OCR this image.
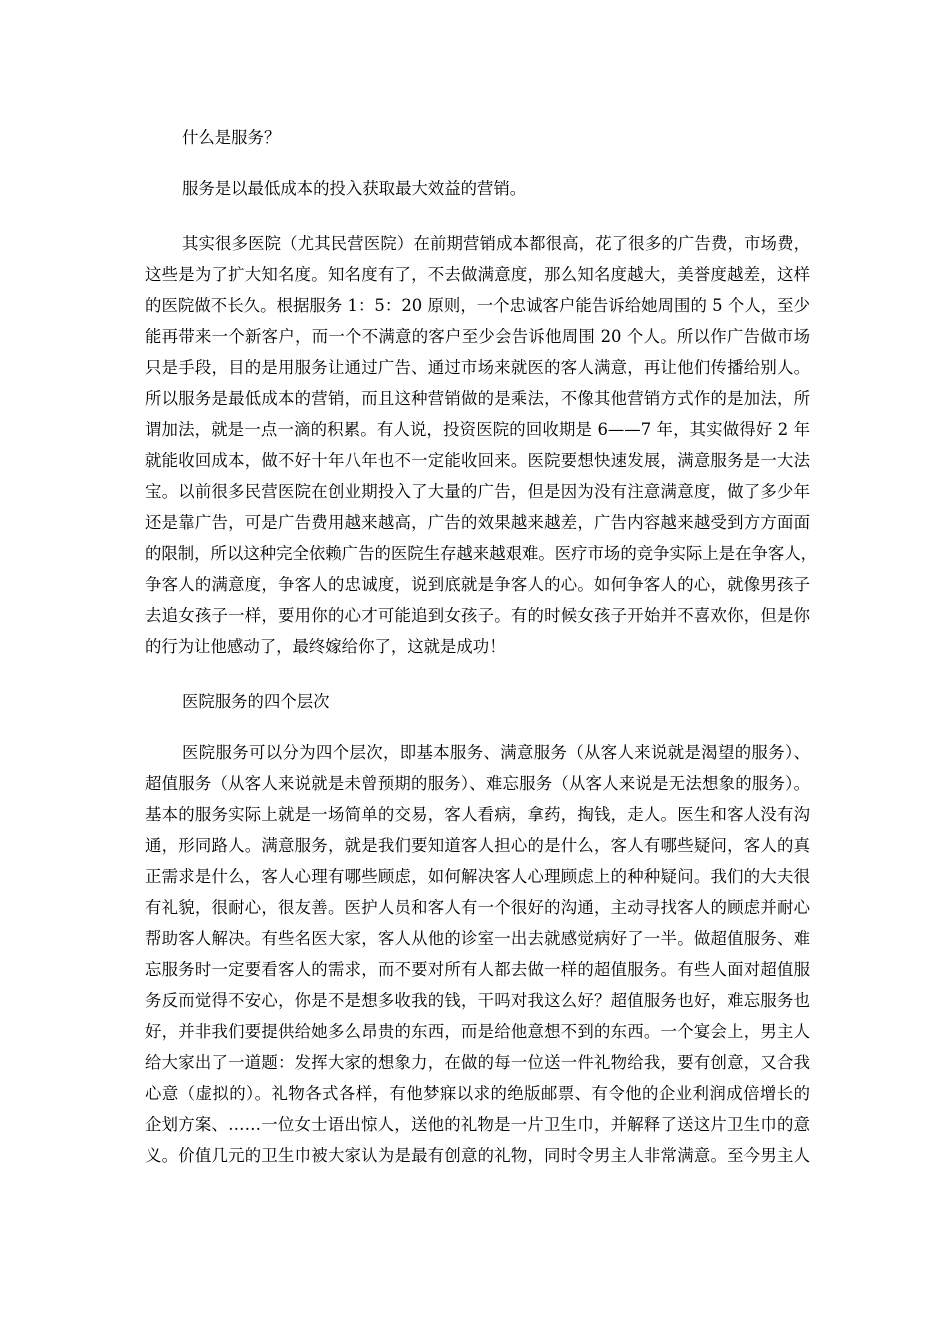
什么是服务？

服务是以最低成本的投入获取最大效益的营销。

其实很多医院（尤其民营医院）在前期营销成本都很高，花了很多的广告费，市场费，

这些是为了扩大知名度。知名度有了，不去做满意度，那么知名度越大，美誉度越差，这样

的医院做不长久。根据服务 1：5：20 原则，一个忠诚客户能告诉给她周围的 5 个人，至少

能再带来一个新客户，而一个不满意的客户至少会告诉他周围 20 个人。所以作广告做市场

只是手段，目的是用服务让通过广告、通过市场来就医的客人满意，再让他们传播给别人。

所以服务是最低成本的营销，而且这种营销做的是乘法，不像其他营销方式作的是加法，所

谓加法，就是一点一滴的积累。有人说，投资医院的回收期是 6——7 年，其实做得好 2 年

就能收回成本，做不好十年八年也不一定能收回来。医院要想快速发展，满意服务是一大法

宝。以前很多民营医院在创业期投入了大量的广告，但是因为没有注意满意度，做了多少年

还是靠广告，可是广告费用越来越高，广告的效果越来越差，广告内容越来越受到方方面面

的限制，所以这种完全依赖广告的医院生存越来越艰难。医疗市场的竞争实际上是在争客人，

争客人的满意度，争客人的忠诚度，说到底就是争客人的心。如何争客人的心，就像男孩子

去追女孩子一样，要用你的心才可能追到女孩子。有的时候女孩子开始并不喜欢你，但是你

的行为让他感动了，最终嫁给你了，这就是成功！

医院服务的四个层次

医院服务可以分为四个层次，即基本服务、满意服务（从客人来说就是渴望的服务）、

超值服务（从客人来说就是未曾预期的服务）、难忘服务（从客人来说是无法想象的服务）。

基本的服务实际上就是一场简单的交易，客人看病，拿药，掏钱，走人。医生和客人没有沟

通，形同路人。满意服务，就是我们要知道客人担心的是什么，客人有哪些疑问，客人的真

正需求是什么，客人心理有哪些顾虑，如何解决客人心理顾虑上的种种疑问。我们的大夫很

有礼貌，很耐心，很友善。医护人员和客人有一个很好的沟通，主动寻找客人的顾虑并耐心

帮助客人解决。有些名医大家，客人从他的诊室一出去就感觉病好了一半。做超值服务、难

忘服务时一定要看客人的需求，而不要对所有人都去做一样的超值服务。有些人面对超值服

务反而觉得不安心，你是不是想多收我的钱，干吗对我这么好？超值服务也好，难忘服务也

好，并非我们要提供给她多么昂贵的东西，而是给他意想不到的东西。一个宴会上，男主人

给大家出了一道题：发挥大家的想象力，在做的每一位送一件礼物给我，要有创意，又合我

心意（虚拟的）。礼物各式各样，有他梦寐以求的绝版邮票、有令他的企业利润成倍增长的

企划方案、……一位女士语出惊人，送他的礼物是一片卫生巾，并解释了送这片卫生巾的意

义。价值几元的卫生巾被大家认为是最有创意的礼物，同时令男主人非常满意。至今男主人
